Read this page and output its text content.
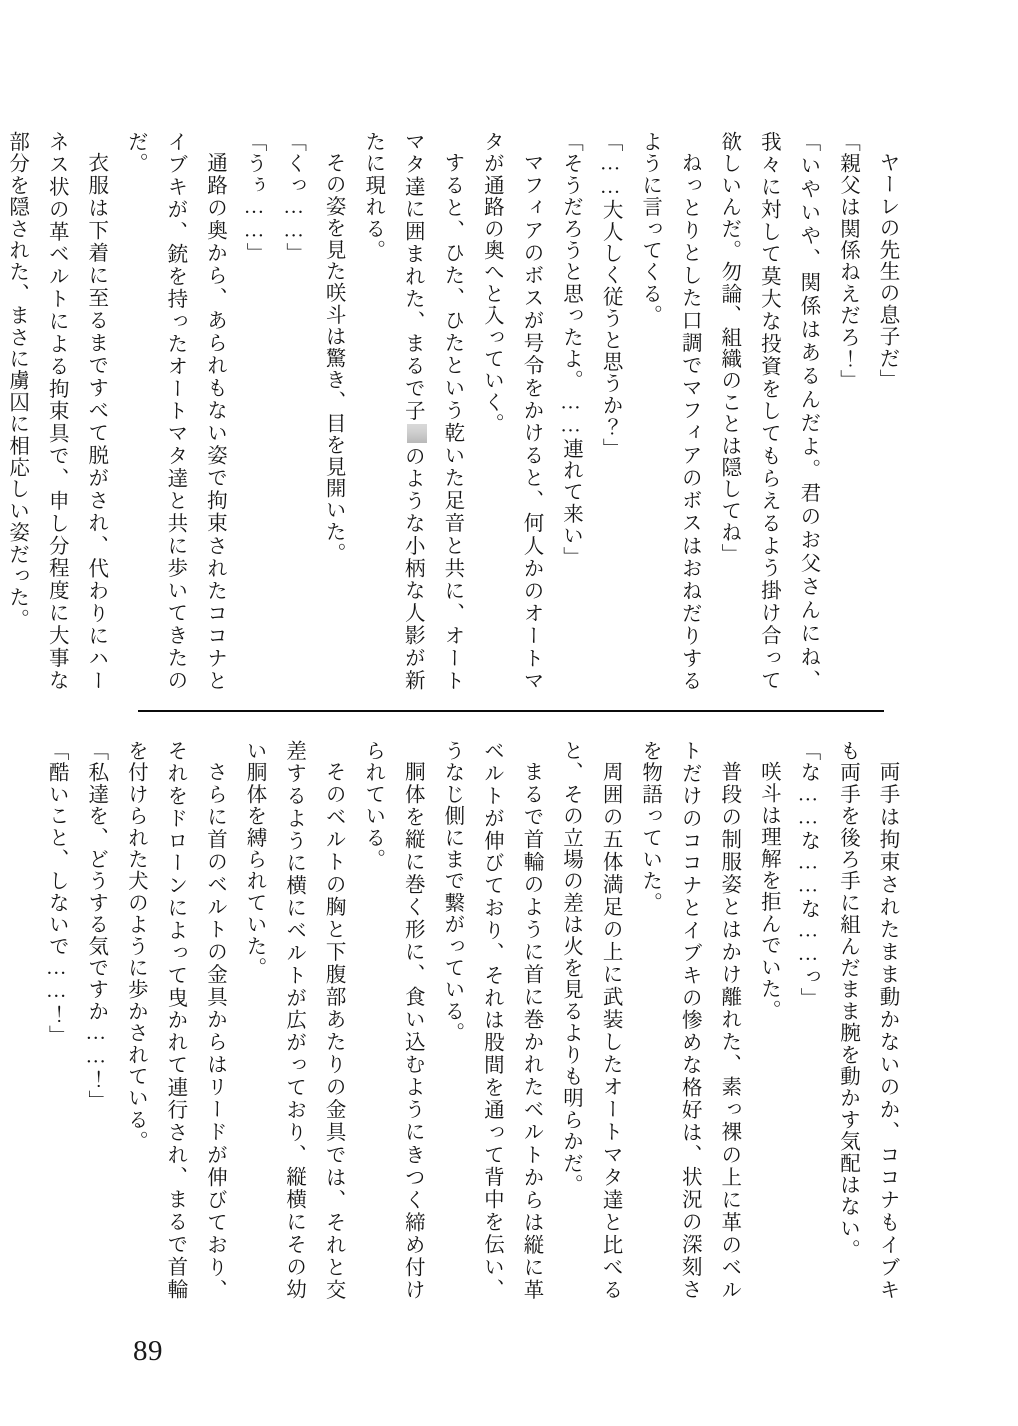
ヤーレの先生の息子だ」
「親父は関係ねえだろ！」
「いやいや、関係はあるんだよ。君のお父さんにね、我々に対して莫大な投資をしてもらえるよう掛け合って欲しいんだ。勿論、組織のことは隠してね」
ねっとりとした口調でマフィアのボスはおねだりするように言ってくる。
「……大人しく従うと思うか？」
「そうだろうと思ったよ。……連れて来い」
マフィアのボスが号令をかけると、何人かのオートマタが通路の奥へと入っていく。
すると、ひた、ひたという乾いた足音と共に、オートマタ達に囲まれた、まるで子のような小柄な人影が新たに現れる。
その姿を見た咲斗は驚き、目を見開いた。
「くっ……」
「うぅ……」
通路の奥から、あられもない姿で拘束されたココナとイブキが、銃を持ったオートマタ達と共に歩いてきたのだ。
衣服は下着に至るまですべて脱がされ、代わりにハーネス状の革ベルトによる拘束具で、申し分程度に大事な部分を隠された、まさに虜囚に相応しい姿だった。
両手は拘束されたまま動かないのか、ココナもイブキも両手を後ろ手に組んだまま腕を動かす気配はない。
「な……な……な……っ」
咲斗は理解を拒んでいた。
普段の制服姿とはかけ離れた、素っ裸の上に革のベルトだけのココナとイブキの惨めな格好は、状況の深刻さを物語っていた。
周囲の五体満足の上に武装したオートマタ達と比べると、その立場の差は火を見るよりも明らかだ。
まるで首輪のように首に巻かれたベルトからは縦に革ベルトが伸びており、それは股間を通って背中を伝い、うなじ側にまで繋がっている。
胴体を縦に巻く形に、食い込むようにきつく締め付けられている。
そのベルトの胸と下腹部あたりの金具では、それと交差するように横にベルトが広がっており、縦横にその幼い胴体を縛られていた。
さらに首のベルトの金具からはリードが伸びており、それをドローンによって曳かれて連行され、まるで首輪を付けられた犬のように歩かされている。
「私達を、どうする気ですか……！」
「酷いこと、しないで……！」
89
